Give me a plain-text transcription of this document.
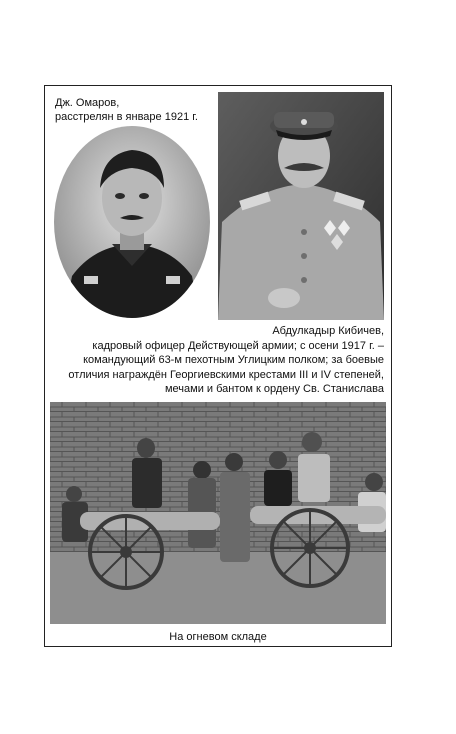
Дж. Омаров,
расстрелян в январе 1921 г.
Абдулкадыр Кибичев,
кадровый офицер Действующей армии; с осени 1917 г. –
командующий 63-м пехотным Углицким полком; за боевые
отличия награждён Георгиевскими крестами III и IV степеней,
мечами и бантом к ордену Св. Станислава
На огневом складе
